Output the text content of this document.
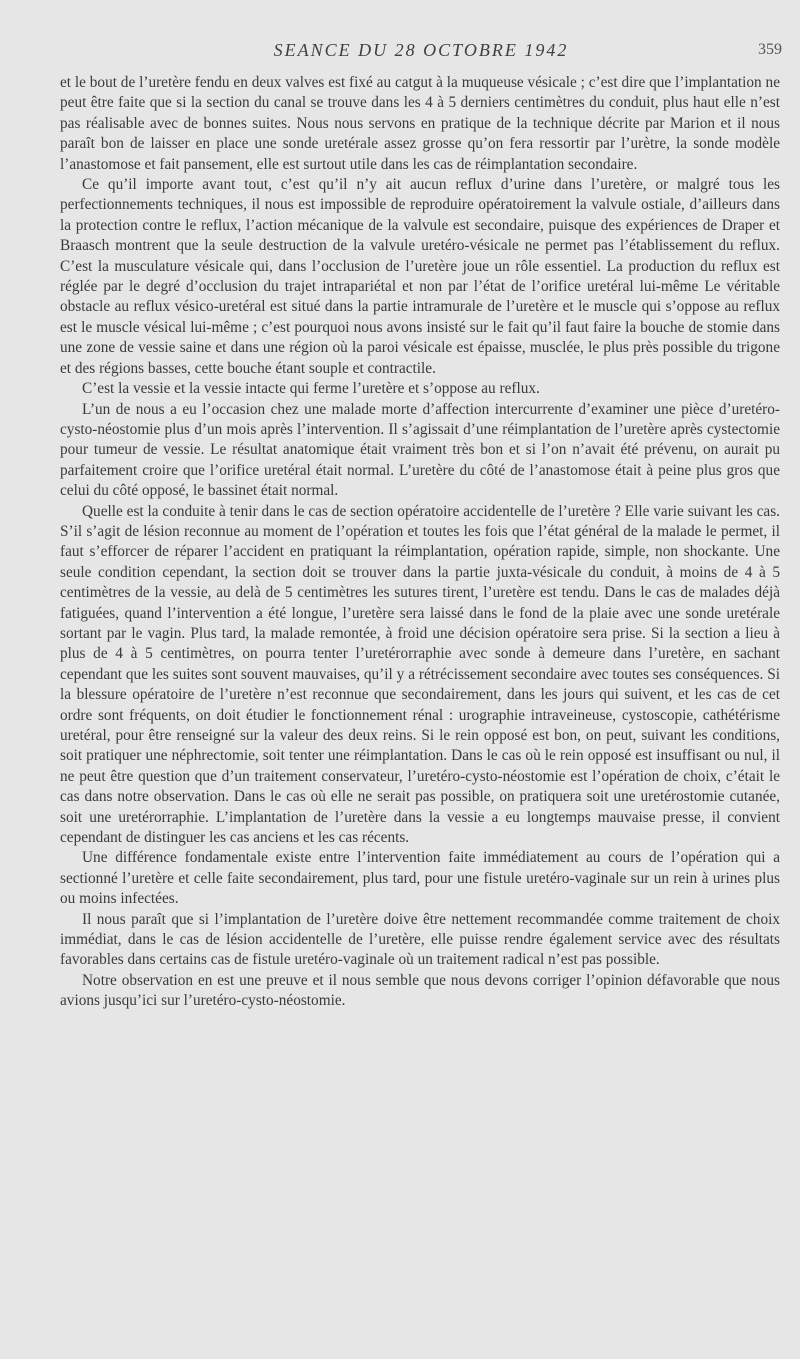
SEANCE DU 28 OCTOBRE 1942	359

et le bout de l’uretère fendu en deux valves est fixé au catgut à la muqueuse vésicale ; c’est dire que l’implantation ne peut être faite que si la section du canal se trouve dans les 4 à 5 derniers centimètres du conduit, plus haut elle n’est pas réalisable avec de bonnes suites. Nous nous servons en pratique de la technique décrite par Marion et il nous paraît bon de laisser en place une sonde uretérale assez grosse qu’on fera ressortir par l’urètre, la sonde modèle l’anastomose et fait pansement, elle est surtout utile dans les cas de réimplantation secondaire.

Ce qu’il importe avant tout, c’est qu’il n’y ait aucun reflux d’urine dans l’uretère, or malgré tous les perfectionnements techniques, il nous est impossible de reproduire opératoirement la valvule ostiale, d’ailleurs dans la protection contre le reflux, l’action mécanique de la valvule est secondaire, puisque des expériences de Draper et Braasch montrent que la seule destruction de la valvule uretéro-vésicale ne permet pas l’établissement du reflux. C’est la musculature vésicale qui, dans l’occlusion de l’uretère joue un rôle essentiel. La production du reflux est réglée par le degré d’occlusion du trajet intrapariétal et non par l’état de l’orifice uretéral lui-même Le véritable obstacle au reflux vésico-uretéral est situé dans la partie intramurale de l’uretère et le muscle qui s’oppose au reflux est le muscle vésical lui-même ; c’est pourquoi nous avons insisté sur le fait qu’il faut faire la bouche de stomie dans une zone de vessie saine et dans une région où la paroi vésicale est épaisse, musclée, le plus près possible du trigone et des régions basses, cette bouche étant souple et contractile.

C’est la vessie et la vessie intacte qui ferme l’uretère et s’oppose au reflux.

L’un de nous a eu l’occasion chez une malade morte d’affection intercurrente d’examiner une pièce d’uretéro-cysto-néostomie plus d’un mois après l’intervention. Il s’agissait d’une réimplantation de l’uretère après cystectomie pour tumeur de vessie. Le résultat anatomique était vraiment très bon et si l’on n’avait été prévenu, on aurait pu parfaitement croire que l’orifice uretéral était normal. L’uretère du côté de l’anastomose était à peine plus gros que celui du côté opposé, le bassinet était normal.

Quelle est la conduite à tenir dans le cas de section opératoire accidentelle de l’uretère ? Elle varie suivant les cas. S’il s’agit de lésion reconnue au moment de l’opération et toutes les fois que l’état général de la malade le permet, il faut s’efforcer de réparer l’accident en pratiquant la réimplantation, opération rapide, simple, non shockante. Une seule condition cependant, la section doit se trouver dans la partie juxta-vésicale du conduit, à moins de 4 à 5 centimètres de la vessie, au delà de 5 centimètres les sutures tirent, l’uretère est tendu. Dans le cas de malades déjà fatiguées, quand l’intervention a été longue, l’uretère sera laissé dans le fond de la plaie avec une sonde uretérale sortant par le vagin. Plus tard, la malade remontée, à froid une décision opératoire sera prise. Si la section a lieu à plus de 4 à 5 centimètres, on pourra tenter l’uretérorraphie avec sonde à demeure dans l’uretère, en sachant cependant que les suites sont souvent mauvaises, qu’il y a rétrécissement secondaire avec toutes ses conséquences. Si la blessure opératoire de l’uretère n’est reconnue que secondairement, dans les jours qui suivent, et les cas de cet ordre sont fréquents, on doit étudier le fonctionnement rénal : urographie intraveineuse, cystoscopie, cathétérisme uretéral, pour être renseigné sur la valeur des deux reins. Si le rein opposé est bon, on peut, suivant les conditions, soit pratiquer une néphrectomie, soit tenter une réimplantation. Dans le cas où le rein opposé est insuffisant ou nul, il ne peut être question que d’un traitement conservateur, l’uretéro-cysto-néostomie est l’opération de choix, c’était le cas dans notre observation. Dans le cas où elle ne serait pas possible, on pratiquera soit une uretérostomie cutanée, soit une uretérorraphie. L’implantation de l’uretère dans la vessie a eu longtemps mauvaise presse, il convient cependant de distinguer les cas anciens et les cas récents.

Une différence fondamentale existe entre l’intervention faite immédiatement au cours de l’opération qui a sectionné l’uretère et celle faite secondairement, plus tard, pour une fistule uretéro-vaginale sur un rein à urines plus ou moins infectées.

Il nous paraît que si l’implantation de l’uretère doive être nettement recommandée comme traitement de choix immédiat, dans le cas de lésion accidentelle de l’uretère, elle puisse rendre également service avec des résultats favorables dans certains cas de fistule uretéro-vaginale où un traitement radical n’est pas possible.

Notre observation en est une preuve et il nous semble que nous devons corriger l’opinion défavorable que nous avions jusqu’ici sur l’uretéro-cysto-néostomie.
